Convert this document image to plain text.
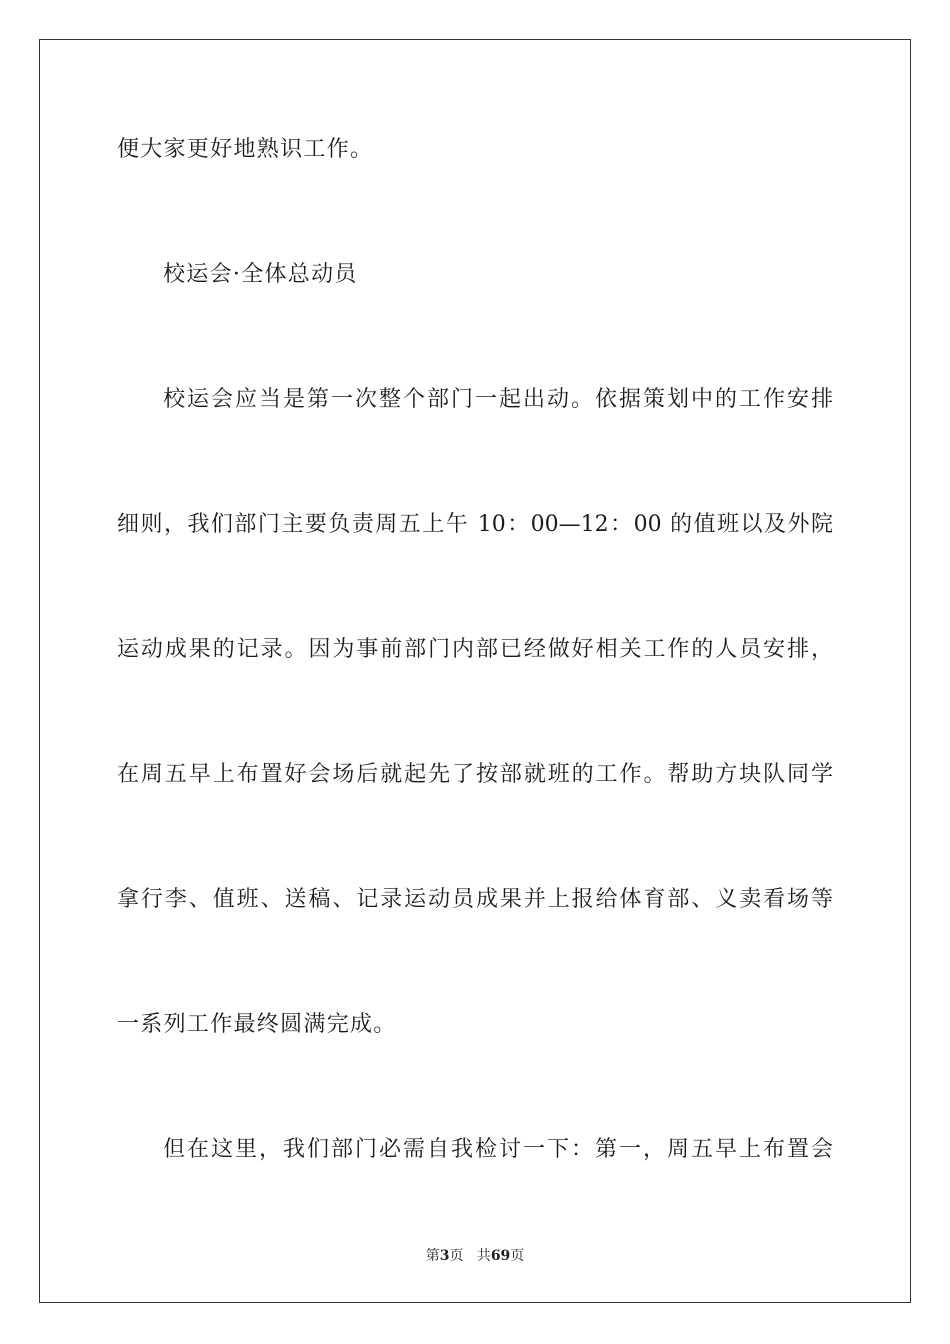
便大家更好地熟识工作。
校运会·全体总动员
校运会应当是第一次整个部门一起出动。依据策划中的工作安排
细则，我们部门主要负责周五上午 10：00—12：00 的值班以及外院
运动成果的记录。因为事前部门内部已经做好相关工作的人员安排，
在周五早上布置好会场后就起先了按部就班的工作。帮助方块队同学
拿行李、值班、送稿、记录运动员成果并上报给体育部、义卖看场等
一系列工作最终圆满完成。
但在这里，我们部门必需自我检讨一下：第一，周五早上布置会
第3页 共69页
